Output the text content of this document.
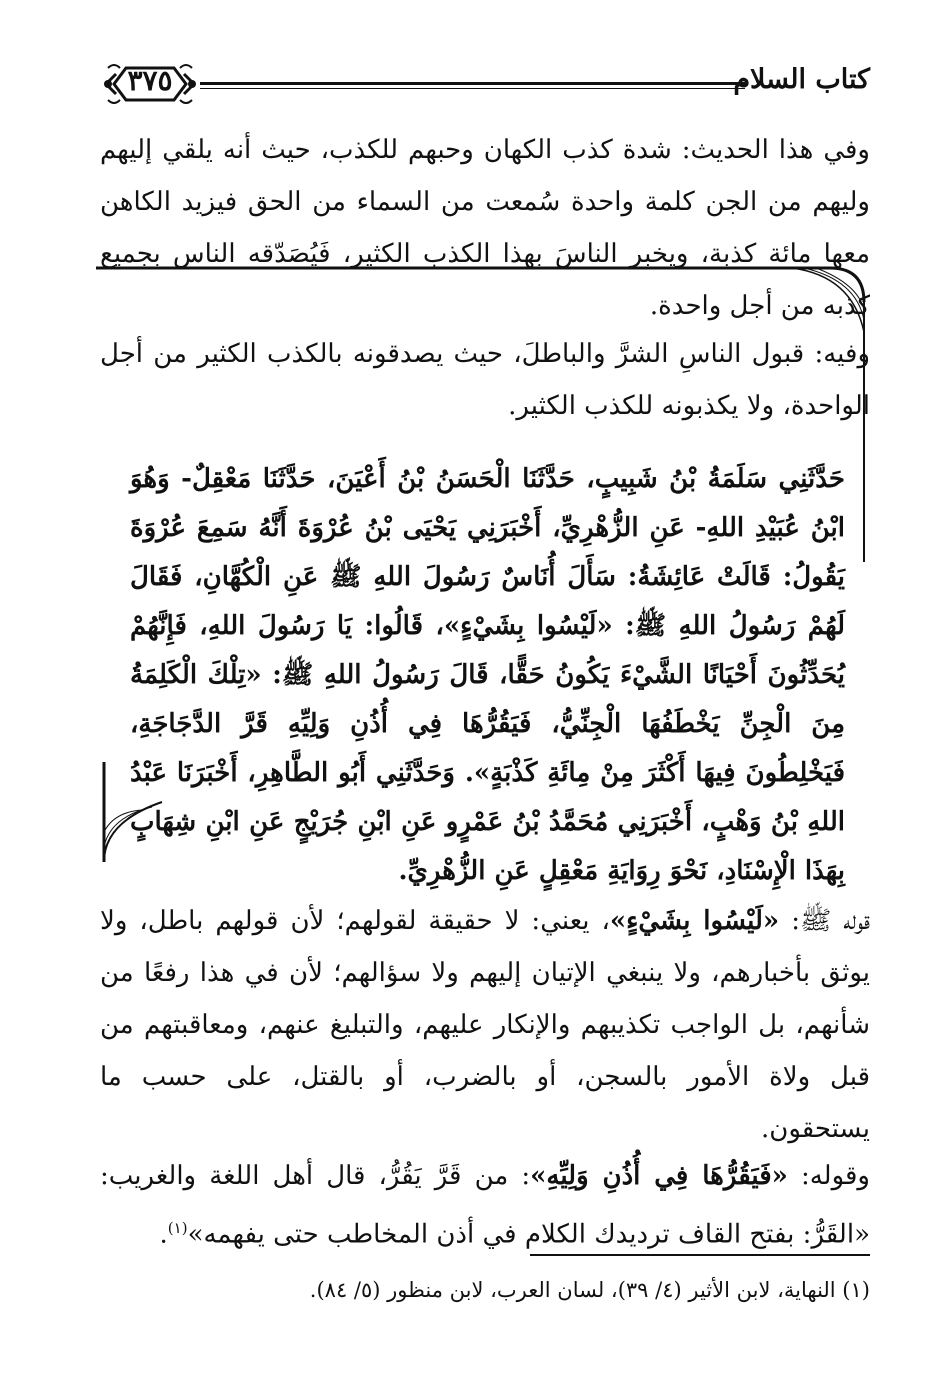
كتاب السلام
٣٧٥

وفي هذا الحديث: شدة كذب الكهان وحبهم للكذب، حيث أنه يلقي إليهم وليهم من الجن كلمة واحدة سُمعت من السماء من الحق فيزيد الكاهن معها مائة كذبة، ويخبر الناسَ بهذا الكذب الكثير، فَيُصَدّقه الناس بجميع كذبه من أجل واحدة.

وفيه: قبول الناسِ الشرَّ والباطلَ، حيث يصدقونه بالكذب الكثير من أجل الواحدة، ولا يكذبونه للكذب الكثير.

حَدَّثَنِي سَلَمَةُ بْنُ شَبِيبٍ، حَدَّثَنَا الْحَسَنُ بْنُ أَعْيَنَ، حَدَّثَنَا مَعْقِلٌ- وَهُوَ ابْنُ عُبَيْدِ اللهِ- عَنِ الزُّهْرِيِّ، أَخْبَرَنِي يَحْيَى بْنُ عُرْوَةَ أَنَّهُ سَمِعَ عُرْوَةَ يَقُولُ: قَالَتْ عَائِشَةُ: سَأَلَ أُنَاسٌ رَسُولَ اللهِ ﷺ عَنِ الْكُهَّانِ، فَقَالَ لَهُمْ رَسُولُ اللهِ ﷺ: «لَيْسُوا بِشَيْءٍ»، قَالُوا: يَا رَسُولَ اللهِ، فَإِنَّهُمْ يُحَدِّثُونَ أَحْيَانًا الشَّيْءَ يَكُونُ حَقًّا، قَالَ رَسُولُ اللهِ ﷺ: «تِلْكَ الْكَلِمَةُ مِنَ الْجِنِّ يَخْطَفُهَا الْجِنِّيُّ، فَيَقُرُّهَا فِي أُذُنِ وَلِيِّهِ قَرَّ الدَّجَاجَةِ، فَيَخْلِطُونَ فِيهَا أَكْثَرَ مِنْ مِائَةِ كَذْبَةٍ». وَحَدَّثَنِي أَبُو الطَّاهِرِ، أَخْبَرَنَا عَبْدُ اللهِ بْنُ وَهْبٍ، أَخْبَرَنِي مُحَمَّدُ بْنُ عَمْرٍو عَنِ ابْنِ جُرَيْجٍ عَنِ ابْنِ شِهَابٍ بِهَذَا الْإِسْنَادِ، نَحْوَ رِوَايَةِ مَعْقِلٍ عَنِ الزُّهْرِيِّ.

قوله ﷺ: «لَيْسُوا بِشَيْءٍ»، يعني: لا حقيقة لقولهم؛ لأن قولهم باطل، ولا يوثق بأخبارهم، ولا ينبغي الإتيان إليهم ولا سؤالهم؛ لأن في هذا رفعًا من شأنهم، بل الواجب تكذيبهم والإنكار عليهم، والتبليغ عنهم، ومعاقبتهم من قبل ولاة الأمور بالسجن، أو بالضرب، أو بالقتل، على حسب ما يستحقون.

وقوله: «فَيَقُرُّهَا فِي أُذُنِ وَلِيِّهِ»: من قَرَّ يَقُرُّ، قال أهل اللغة والغريب: «القَرُّ: بفتح القاف ترديدك الكلام في أذن المخاطب حتى يفهمه»$^{(١)}$.

(١) النهاية، لابن الأثير (٤/ ٣٩)، لسان العرب، لابن منظور (٥/ ٨٤).
